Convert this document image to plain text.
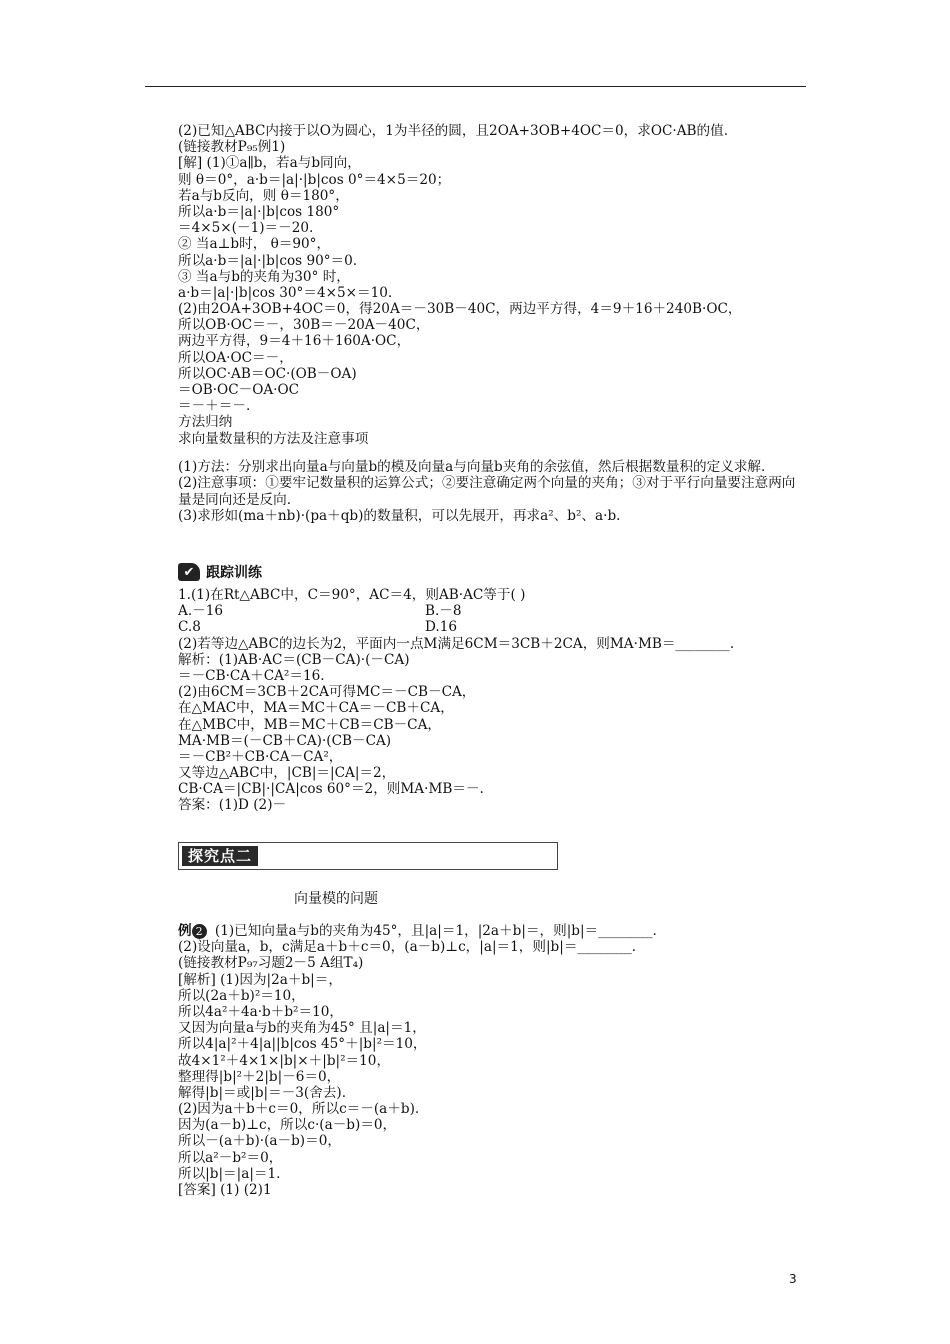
(2)已知△ABC内接于以O为圆心，1为半径的圆，且2OA+3OB+4OC＝0，求OC·AB的值.
(链接教材P₉₅例1)
[解] (1)①a∥b，若a与b同向，
则 θ＝0°，a·b＝|a|·|b|cos 0°＝4×5＝20；
若a与b反向，则 θ＝180°，
所以a·b＝|a|·|b|cos 180°
＝4×5×(－1)＝－20.
② 当a⊥b时， θ＝90°，
所以a·b＝|a|·|b|cos 90°＝0.
③ 当a与b的夹角为30° 时，
a·b＝|a|·|b|cos 30°＝4×5×＝10.
(2)由2OA+3OB+4OC＝0，得20A＝－30B－40C，两边平方得，4＝9＋16＋240B·OC，
所以OB·OC＝－，30B＝－20A－40C，
两边平方得，9＝4＋16＋160A·OC，
所以OA·OC＝－，
所以OC·AB＝OC·(OB－OA)
＝OB·OC－OA·OC
＝－＋＝－.
方法归纳
求向量数量积的方法及注意事项
(1)方法：分别求出向量a与向量b的模及向量a与向量b夹角的余弦值，然后根据数量积的定义求解.
(2)注意事项：①要牢记数量积的运算公式；②要注意确定两个向量的夹角；③对于平行向量要注意两向量是同向还是反向.
(3)求形如(ma＋nb)·(pa＋qb)的数量积，可以先展开，再求a²、b²、a·b.
✔ 跟踪训练
1.(1)在Rt△ABC中，C＝90°，AC＝4，则AB·AC等于( )
A.－16	B.－8
C.8	D.16
(2)若等边△ABC的边长为2，平面内一点M满足6CM＝3CB＋2CA，则MA·MB＝________.
解析：(1)AB·AC＝(CB－CA)·(－CA)
＝－CB·CA＋CA²＝16.
(2)由6CM＝3CB＋2CA可得MC＝－CB－CA，
在△MAC中，MA＝MC＋CA＝－CB＋CA，
在△MBC中，MB＝MC＋CB＝CB－CA，
MA·MB＝(－CB＋CA)·(CB－CA)
＝－CB²＋CB·CA－CA²，
又等边△ABC中，|CB|＝|CA|＝2，
CB·CA＝|CB|·|CA|cos 60°＝2，则MA·MB＝－.
答案：(1)D (2)－
探究点二
向量模的问题
例 2 (1)已知向量a与b的夹角为45°，且|a|＝1，|2a＋b|＝，则|b|＝________.
(2)设向量a，b，c满足a＋b＋c＝0，(a－b)⊥c，|a|＝1，则|b|＝________.
(链接教材P₉₇习题2－5 A组T₄)
[解析] (1)因为|2a＋b|＝，
所以(2a＋b)²＝10，
所以4a²＋4a·b＋b²＝10，
又因为向量a与b的夹角为45° 且|a|＝1，
所以4|a|²＋4|a||b|cos 45°＋|b|²＝10，
故4×1²＋4×1×|b|×＋|b|²＝10，
整理得|b|²＋2|b|－6＝0，
解得|b|＝或|b|＝－3(舍去).
(2)因为a＋b＋c＝0，所以c＝－(a＋b).
因为(a－b)⊥c，所以c·(a－b)＝0，
所以－(a＋b)·(a－b)＝0，
所以a²－b²＝0，
所以|b|＝|a|＝1.
[答案] (1) (2)1
3
